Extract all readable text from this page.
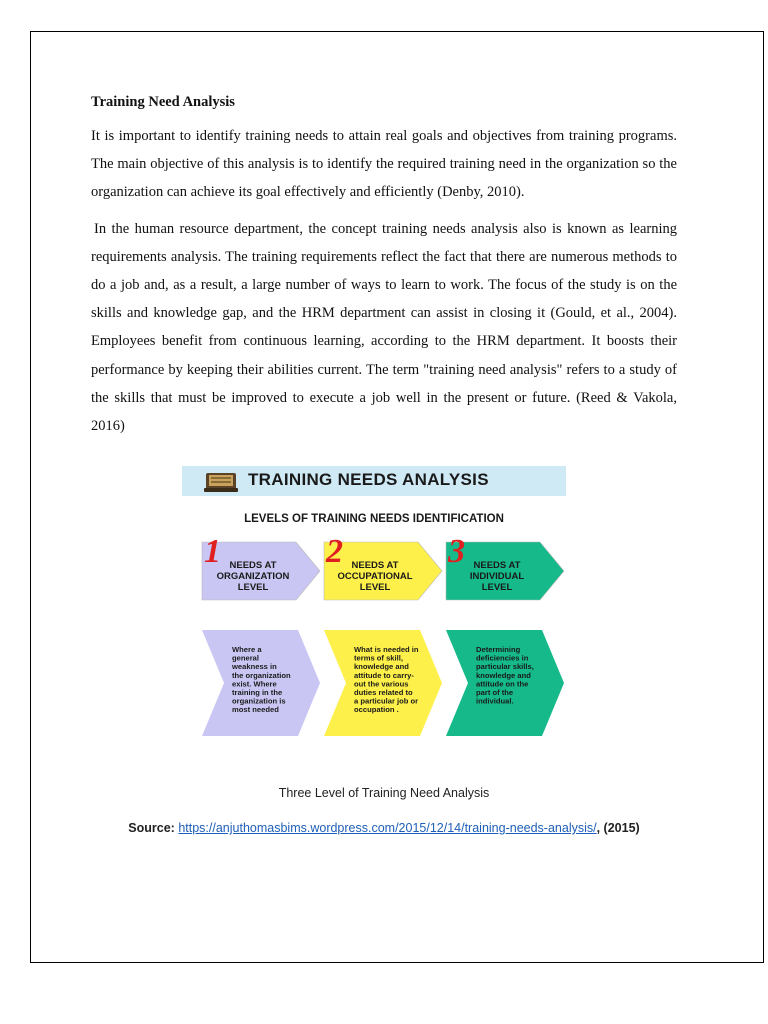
Training Need Analysis

It is important to identify training needs to attain real goals and objectives from training programs. The main objective of this analysis is to identify the required training need in the organization so the organization can achieve its goal effectively and efficiently (Denby, 2010).

In the human resource department, the concept training needs analysis also is known as learning requirements analysis. The training requirements reflect the fact that there are numerous methods to do a job and, as a result, a large number of ways to learn to work. The focus of the study is on the skills and knowledge gap, and the HRM department can assist in closing it (Gould, et al., 2004). Employees benefit from continuous learning, according to the HRM department. It boosts their performance by keeping their abilities current. The term "training need analysis" refers to a study of the skills that must be improved to execute a job well in the present or future. (Reed & Vakola, 2016)

1 NEEDS AT
ORGANIZATION
LEVEL
Where a
general
weakness in
the organization
exist. Where
training in the
organization is
most needed
2 NEEDS AT
OCCUPATIONAL
LEVEL
What is needed in
terms of skill,
knowledge and
attitude to carry-
out the various
duties related to
a particular job or
occupation .
3 NEEDS AT
INDIVIDUAL
LEVEL
Determining
deficiencies in
particular skills,
knowledge and
attitude on the
part of the
individual.
TRAINING NEEDS ANALYSIS
LEVELS OF TRAINING NEEDS IDENTIFICATION
Three Level of Training Need Analysis
Source: https://anjuthomasbims.wordpress.com/2015/12/14/training-needs-analysis/, (2015)
